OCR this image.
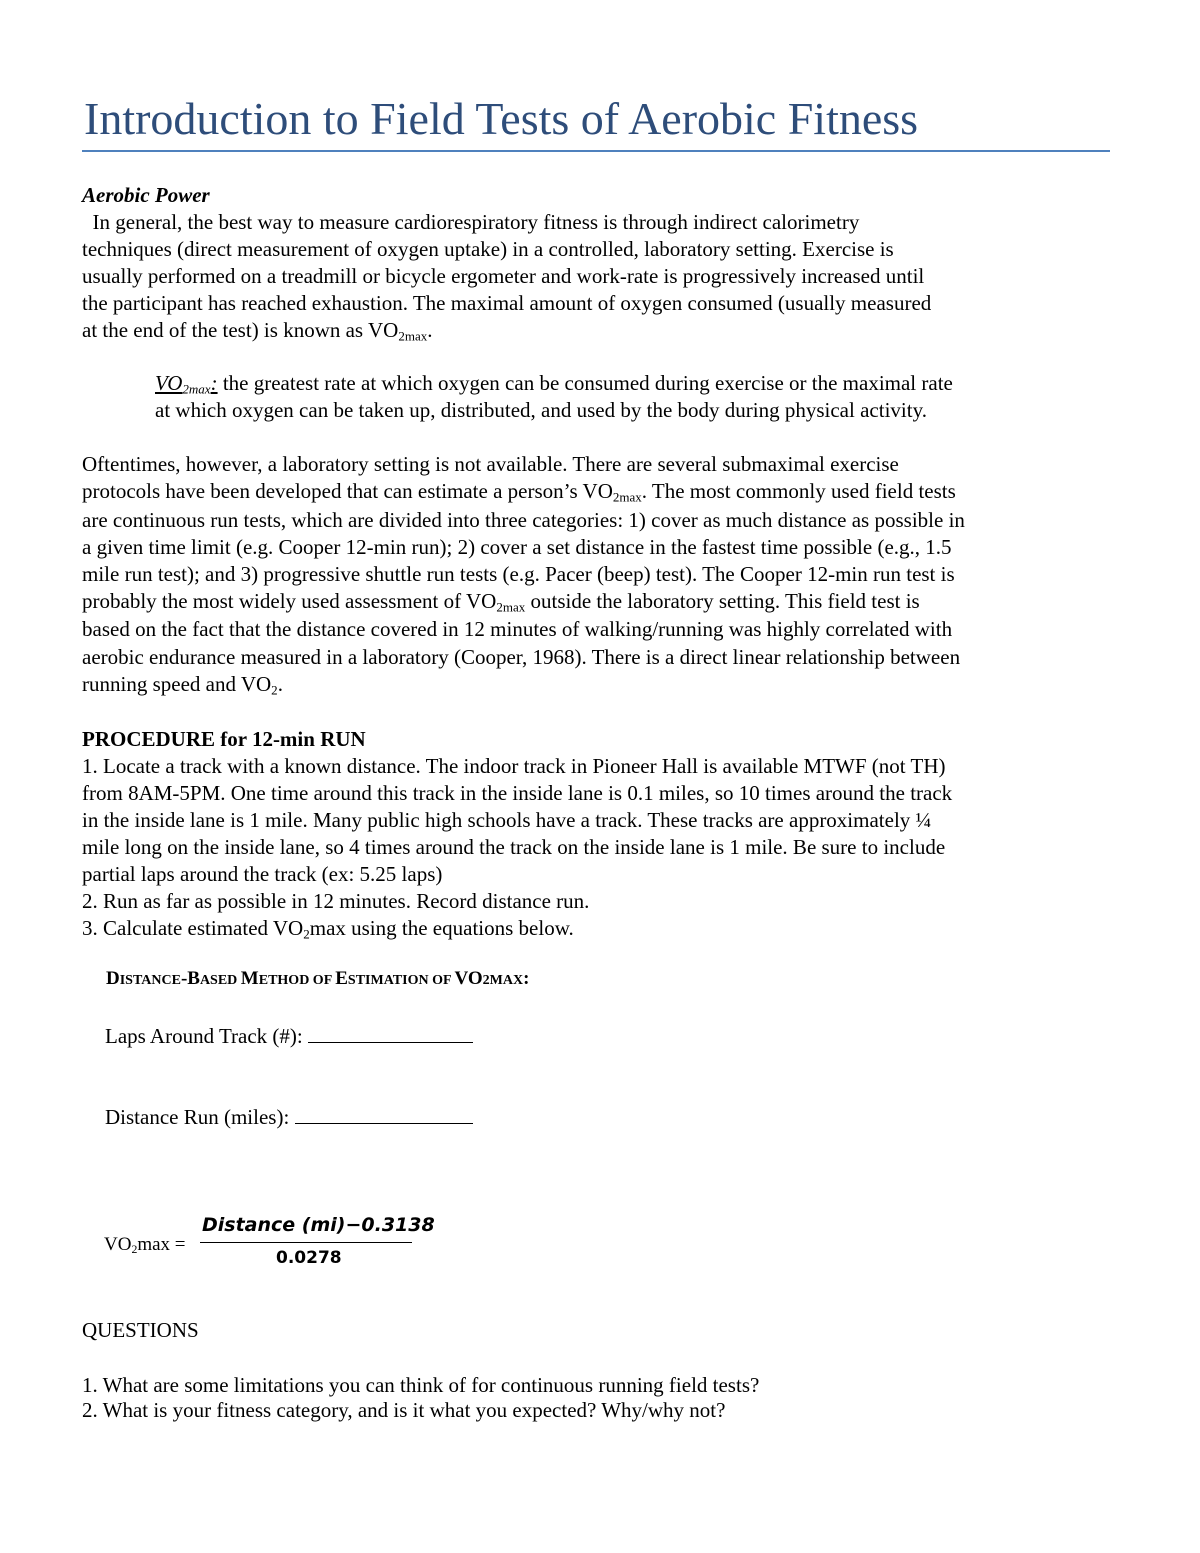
Introduction to Field Tests of Aerobic Fitness
Aerobic Power
In general, the best way to measure cardiorespiratory fitness is through indirect calorimetry
techniques (direct measurement of oxygen uptake) in a controlled, laboratory setting. Exercise is
usually performed on a treadmill or bicycle ergometer and work-rate is progressively increased until
the participant has reached exhaustion. The maximal amount of oxygen consumed (usually measured
at the end of the test) is known as $VO_{2max}$.
$VO_{2max}$: the greatest rate at which oxygen can be consumed during exercise or the maximal rate
at which oxygen can be taken up, distributed, and used by the body during physical activity.
Oftentimes, however, a laboratory setting is not available. There are several submaximal exercise
protocols have been developed that can estimate a person’s $VO_{2max}$. The most commonly used field tests
are continuous run tests, which are divided into three categories: 1) cover as much distance as possible in
a given time limit (e.g. Cooper 12-min run); 2) cover a set distance in the fastest time possible (e.g., 1.5
mile run test); and 3) progressive shuttle run tests (e.g. Pacer (beep) test). The Cooper 12-min run test is
probably the most widely used assessment of $VO_{2max}$ outside the laboratory setting. This field test is
based on the fact that the distance covered in 12 minutes of walking/running was highly correlated with
aerobic endurance measured in a laboratory (Cooper, 1968). There is a direct linear relationship between
running speed and $VO_2$.
PROCEDURE for 12-min RUN
1. Locate a track with a known distance. The indoor track in Pioneer Hall is available MTWF (not TH)
from 8AM-5PM. One time around this track in the inside lane is 0.1 miles, so 10 times around the track
in the inside lane is 1 mile. Many public high schools have a track. These tracks are approximately ¼
mile long on the inside lane, so 4 times around the track on the inside lane is 1 mile. Be sure to include
partial laps around the track (ex: 5.25 laps)
2. Run as far as possible in 12 minutes. Record distance run.
3. Calculate estimated $VO_2\max$ using the equations below.
DISTANCE-BASED METHOD OF ESTIMATION OF VO2MAX:
Laps Around Track (#):
Distance Run (miles):
$VO_2\max$ =
Distance (mi)−0.3138
0.0278
QUESTIONS
1. What are some limitations you can think of for continuous running field tests?
2. What is your fitness category, and is it what you expected? Why/why not?
